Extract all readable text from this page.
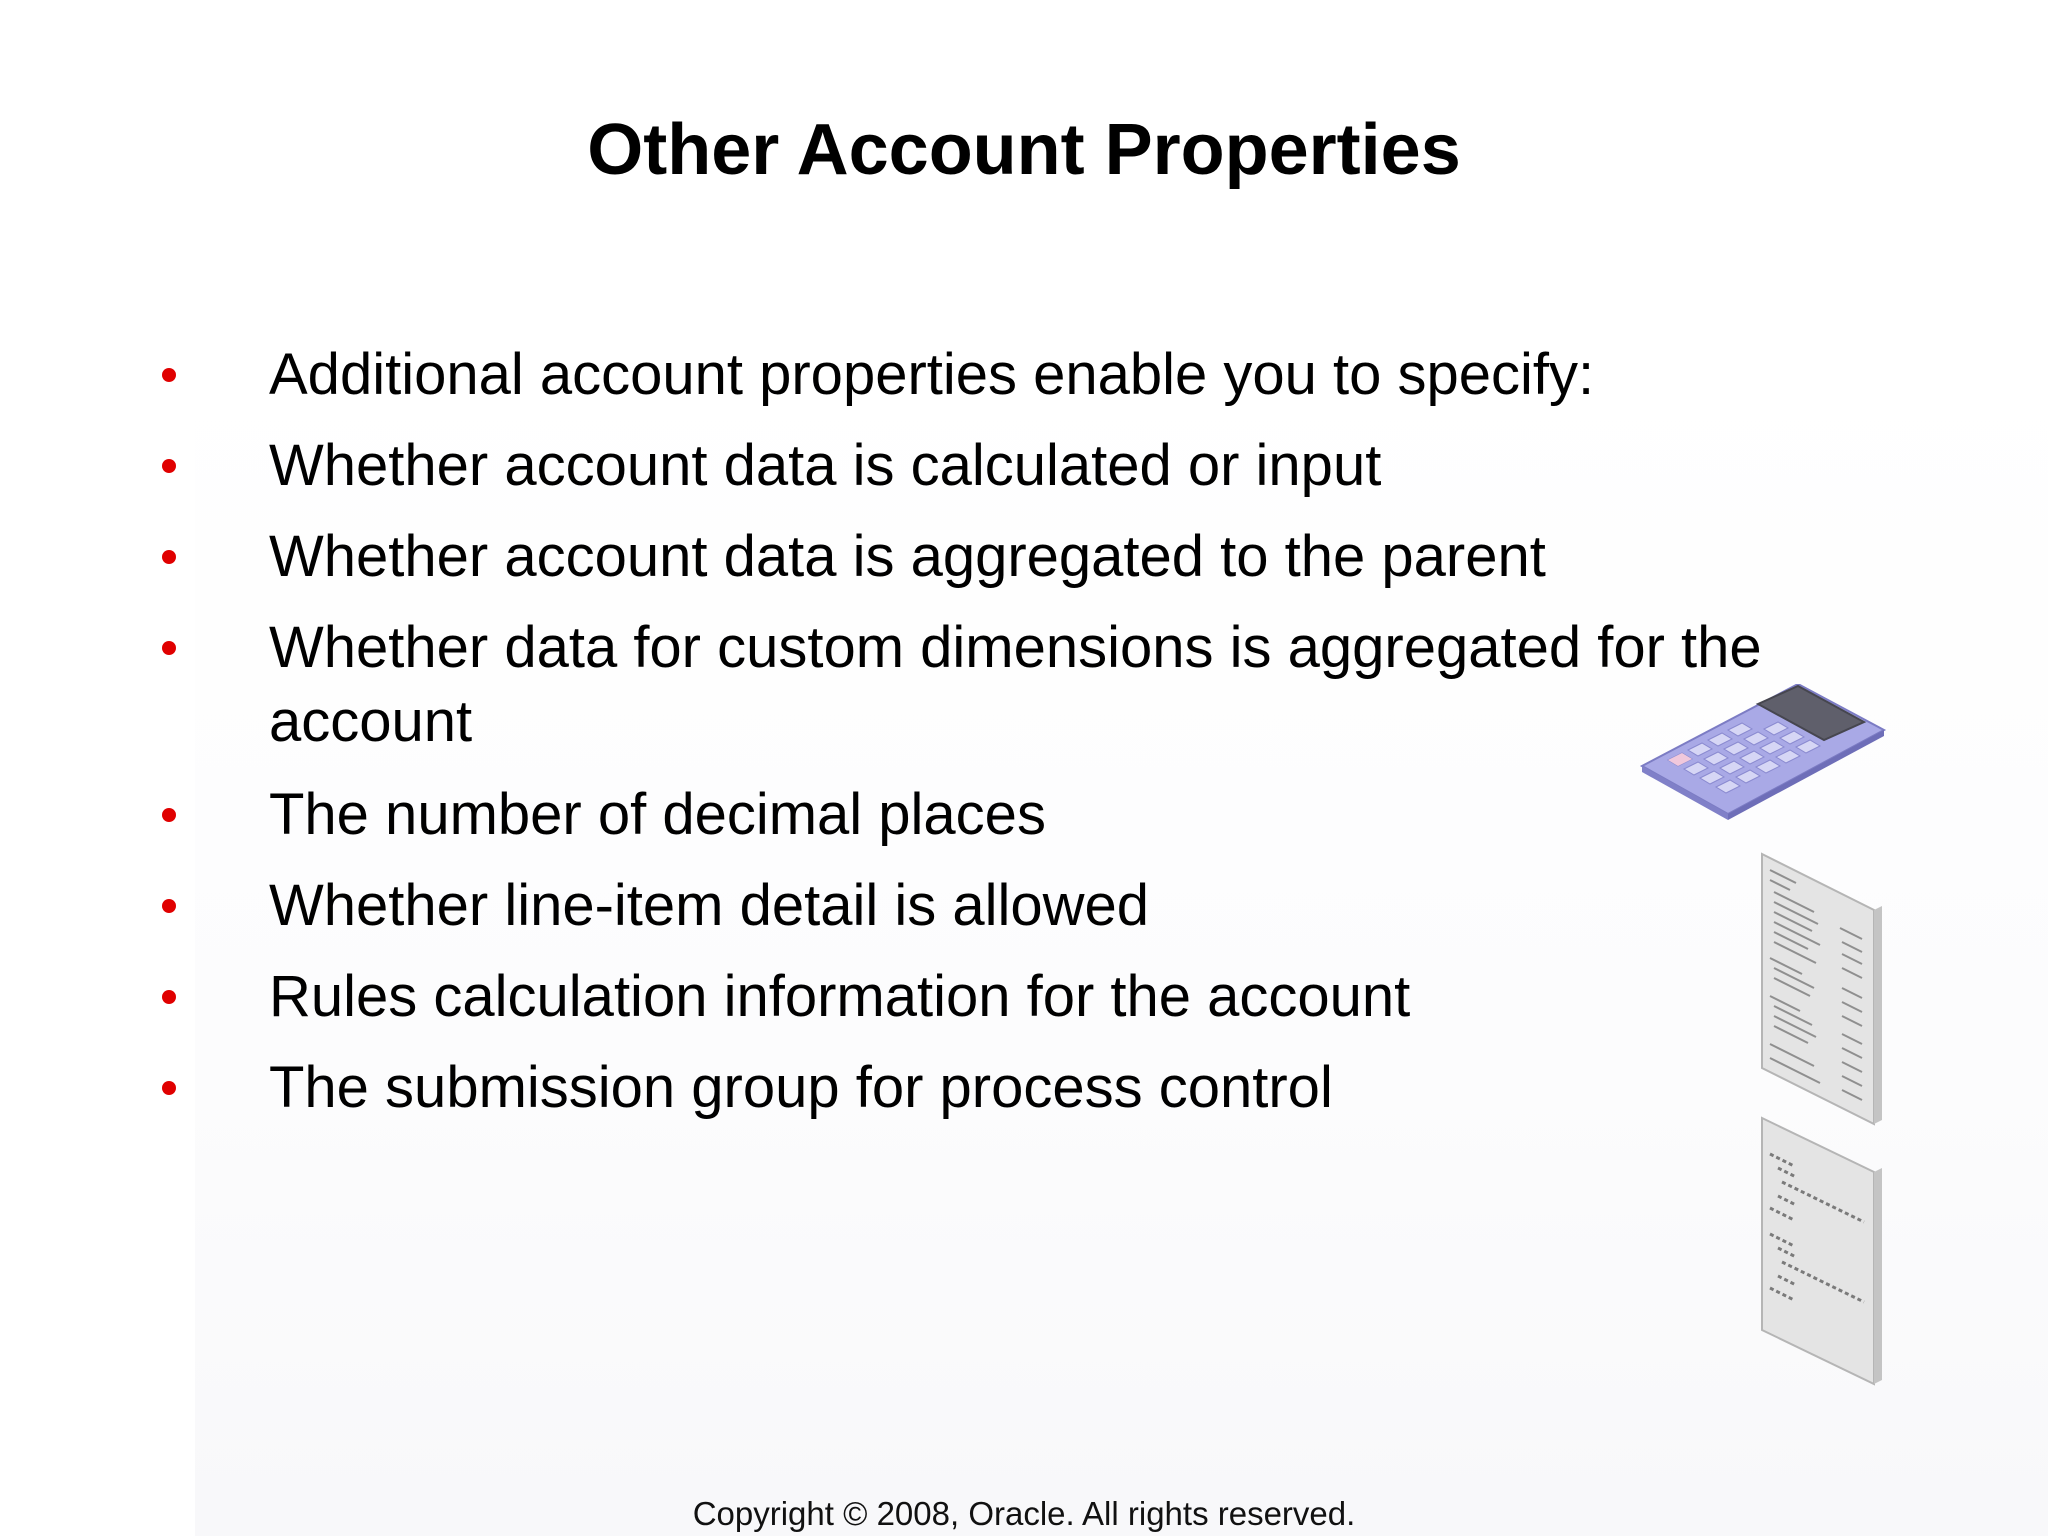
Other Account Properties
Additional account properties enable you to specify:
Whether account data is calculated or input
Whether account data is aggregated to the parent
Whether data for custom dimensions is aggregated for the account
The number of decimal places
Whether line-item detail is allowed
Rules calculation information for the account
The submission group for process control
Copyright © 2008, Oracle. All rights reserved.
